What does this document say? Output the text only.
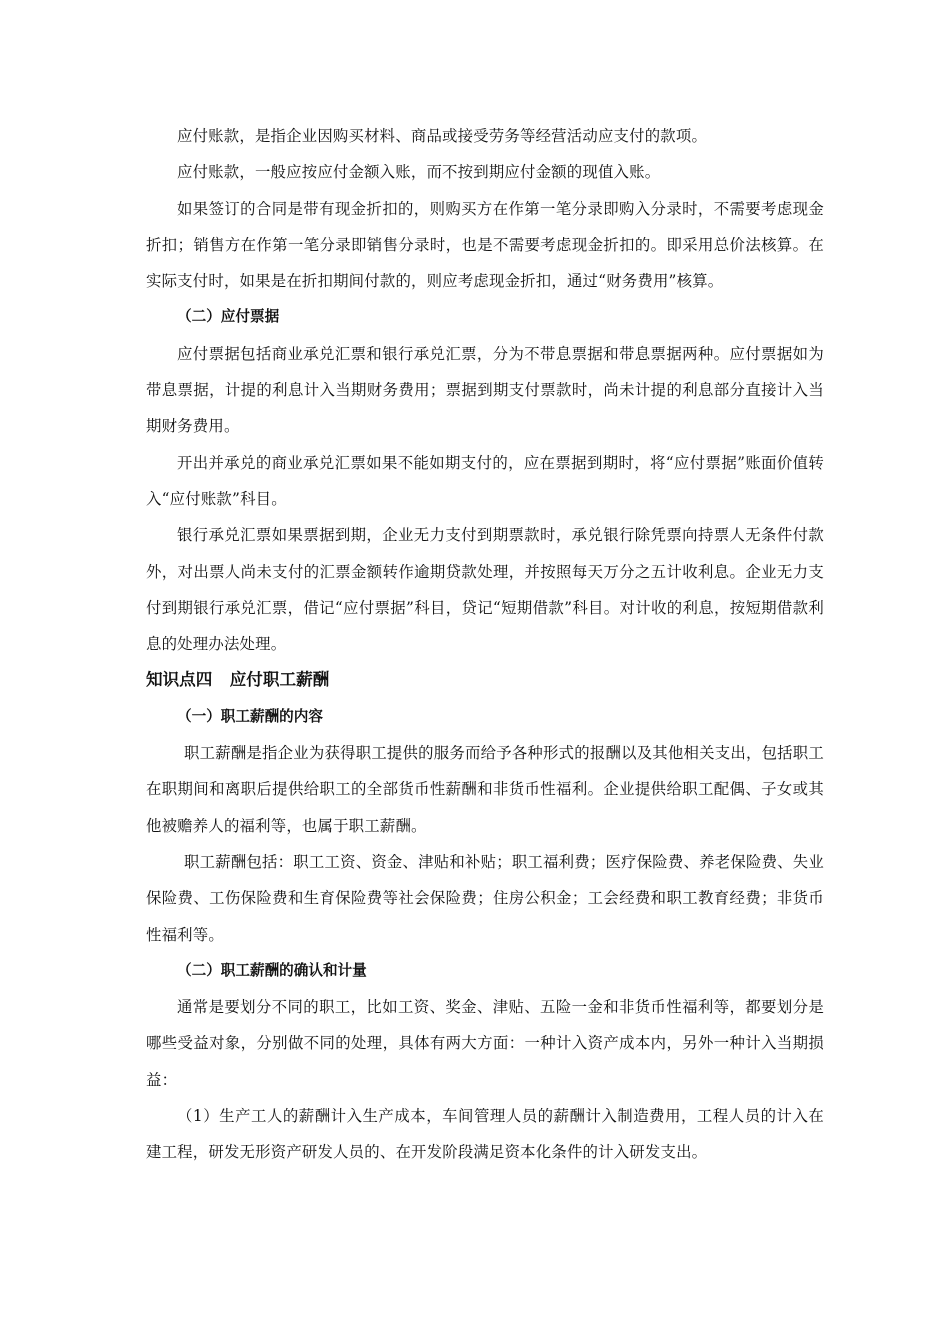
应付账款，是指企业因购买材料、商品或接受劳务等经营活动应支付的款项。

应付账款，一般应按应付金额入账，而不按到期应付金额的现值入账。

如果签订的合同是带有现金折扣的，则购买方在作第一笔分录即购入分录时，不需要考虑现金折扣；销售方在作第一笔分录即销售分录时，也是不需要考虑现金折扣的。即采用总价法核算。在实际支付时，如果是在折扣期间付款的，则应考虑现金折扣，通过“财务费用”核算。

（二）应付票据

应付票据包括商业承兑汇票和银行承兑汇票，分为不带息票据和带息票据两种。应付票据如为带息票据，计提的利息计入当期财务费用；票据到期支付票款时，尚未计提的利息部分直接计入当期财务费用。

开出并承兑的商业承兑汇票如果不能如期支付的，应在票据到期时，将“应付票据”账面价值转入“应付账款”科目。

银行承兑汇票如果票据到期，企业无力支付到期票款时，承兑银行除凭票向持票人无条件付款外，对出票人尚未支付的汇票金额转作逾期贷款处理，并按照每天万分之五计收利息。企业无力支付到期银行承兑汇票，借记“应付票据”科目，贷记“短期借款”科目。对计收的利息，按短期借款利息的处理办法处理。

知识点四   应付职工薪酬

（一）职工薪酬的内容

职工薪酬是指企业为获得职工提供的服务而给予各种形式的报酬以及其他相关支出，包括职工在职期间和离职后提供给职工的全部货币性薪酬和非货币性福利。企业提供给职工配偶、子女或其他被赡养人的福利等，也属于职工薪酬。

职工薪酬包括：职工工资、资金、津贴和补贴；职工福利费；医疗保险费、养老保险费、失业保险费、工伤保险费和生育保险费等社会保险费；住房公积金；工会经费和职工教育经费；非货币性福利等。

（二）职工薪酬的确认和计量

通常是要划分不同的职工，比如工资、奖金、津贴、五险一金和非货币性福利等，都要划分是哪些受益对象，分别做不同的处理，具体有两大方面：一种计入资产成本内，另外一种计入当期损益：

（1）生产工人的薪酬计入生产成本，车间管理人员的薪酬计入制造费用，工程人员的计入在建工程，研发无形资产研发人员的、在开发阶段满足资本化条件的计入研发支出。
